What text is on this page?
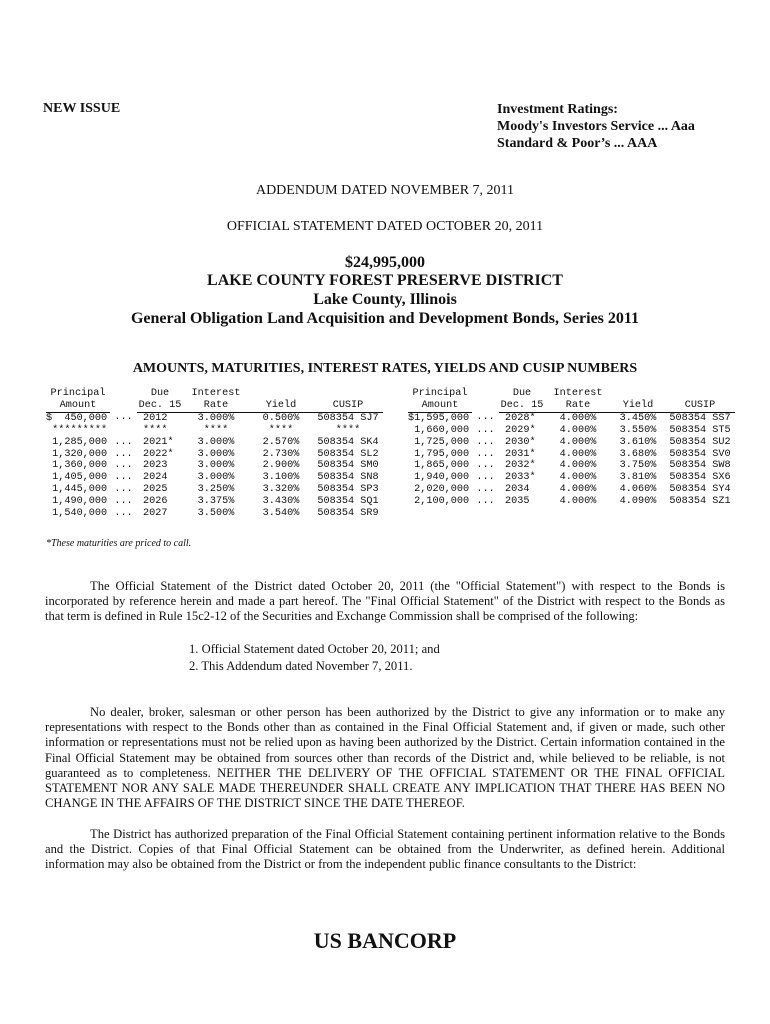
NEW ISSUE	Investment Ratings:
Moody's Investors Service ... Aaa
Standard & Poor’s ... AAA
ADDENDUM DATED NOVEMBER 7, 2011
OFFICIAL STATEMENT DATED OCTOBER 20, 2011
$24,995,000
LAKE COUNTY FOREST PRESERVE DISTRICT
Lake County, Illinois
General Obligation Land Acquisition and Development Bonds, Series 2011
AMOUNTS, MATURITIES, INTEREST RATES, YIELDS AND CUSIP NUMBERS
Principal		Due	Interest		
Amount		Dec. 15	Rate	Yield	CUSIP
$  450,000	...	2012	3.000%	0.500%	508354 SJ7
*********		****	****	****	****
1,285,000	...	2021*	3.000%	2.570%	508354 SK4
1,320,000	...	2022*	3.000%	2.730%	508354 SL2
1,360,000	...	2023	3.000%	2.900%	508354 SM0
1,405,000	...	2024	3.000%	3.100%	508354 SN8
1,445,000	...	2025	3.250%	3.320%	508354 SP3
1,490,000	...	2026	3.375%	3.430%	508354 SQ1
1,540,000	...	2027	3.500%	3.540%	508354 SR9
Principal		Due	Interest		
Amount		Dec. 15	Rate	Yield	CUSIP
$1,595,000	...	2028*	4.000%	3.450%	508354 SS7
1,660,000	...	2029*	4.000%	3.550%	508354 ST5
1,725,000	...	2030*	4.000%	3.610%	508354 SU2
1,795,000	...	2031*	4.000%	3.680%	508354 SV0
1,865,000	...	2032*	4.000%	3.750%	508354 SW8
1,940,000	...	2033*	4.000%	3.810%	508354 SX6
2,020,000	...	2034	4.000%	4.060%	508354 SY4
2,100,000	...	2035	4.000%	4.090%	508354 SZ1
*These maturities are priced to call.
The Official Statement of the District dated October 20, 2011 (the "Official Statement") with respect to the Bonds is incorporated by reference herein and made a part hereof. The "Final Official Statement" of the District with respect to the Bonds as that term is defined in Rule 15c2-12 of the Securities and Exchange Commission shall be comprised of the following:
1. Official Statement dated October 20, 2011; and
2. This Addendum dated November 7, 2011.
No dealer, broker, salesman or other person has been authorized by the District to give any information or to make any representations with respect to the Bonds other than as contained in the Final Official Statement and, if given or made, such other information or representations must not be relied upon as having been authorized by the District. Certain information contained in the Final Official Statement may be obtained from sources other than records of the District and, while believed to be reliable, is not guaranteed as to completeness. NEITHER THE DELIVERY OF THE OFFICIAL STATEMENT OR THE FINAL OFFICIAL STATEMENT NOR ANY SALE MADE THEREUNDER SHALL CREATE ANY IMPLICATION THAT THERE HAS BEEN NO CHANGE IN THE AFFAIRS OF THE DISTRICT SINCE THE DATE THEREOF.
The District has authorized preparation of the Final Official Statement containing pertinent information relative to the Bonds and the District. Copies of that Final Official Statement can be obtained from the Underwriter, as defined herein. Additional information may also be obtained from the District or from the independent public finance consultants to the District:
US BANCORP
